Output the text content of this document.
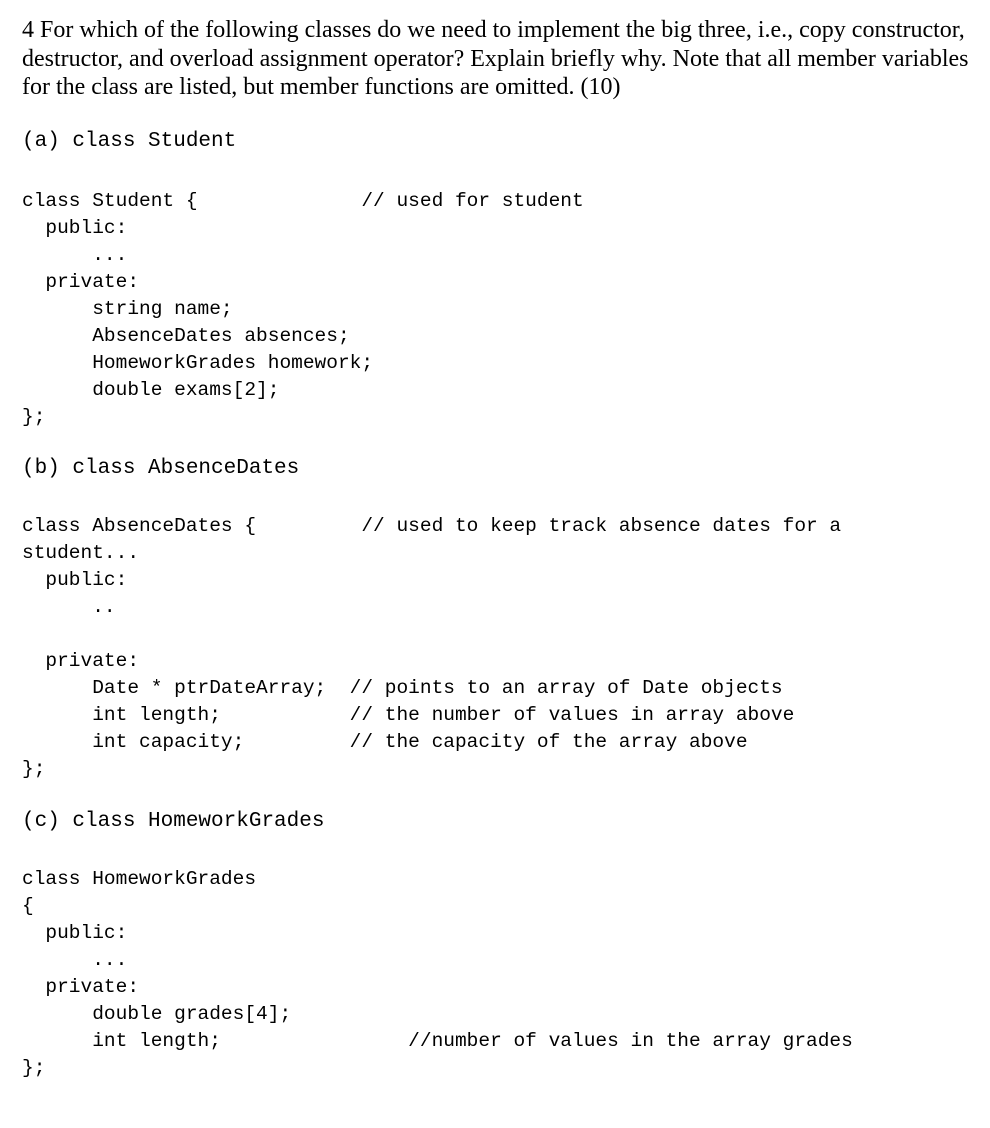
4 For which of the following classes do we need to implement the big three, i.e., copy constructor, destructor, and overload assignment operator? Explain briefly why. Note that all member variables for the class are listed, but member functions are omitted. (10)
(a) class Student
class Student {              // used for student
public:
...
private:
string name;
AbsenceDates absences;
HomeworkGrades homework;
double exams[2];
};
(b) class AbsenceDates
class AbsenceDates {         // used to keep track absence dates for a
student...
public:
..
private:
Date * ptrDateArray;  // points to an array of Date objects
int length;           // the number of values in array above
int capacity;         // the capacity of the array above
};
(c) class HomeworkGrades
class HomeworkGrades
{
public:
...
private:
double grades[4];
int length;                //number of values in the array grades
};
